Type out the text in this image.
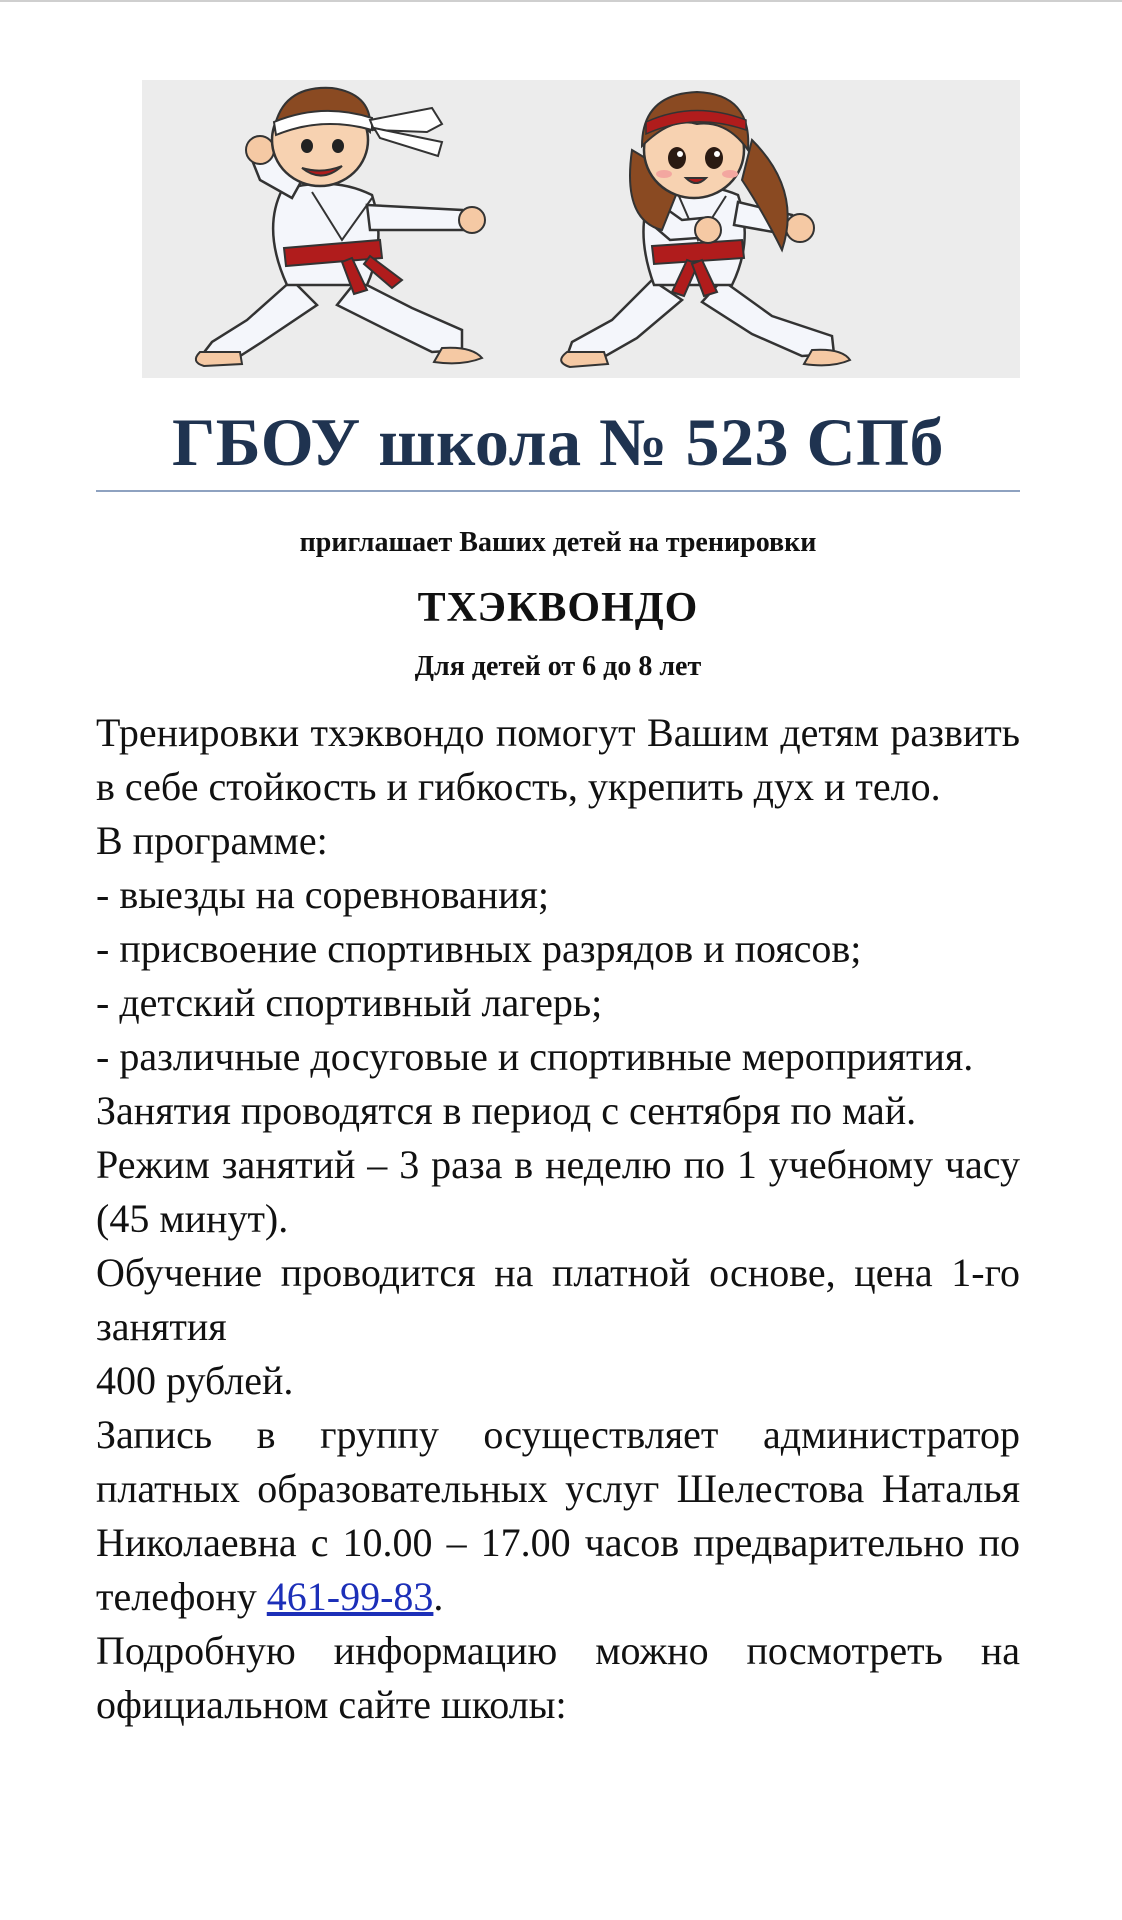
ГБОУ школа № 523 СПб
приглашает Ваших детей на тренировки
ТХЭКВОНДО
Для детей от 6 до 8 лет

Тренировки тхэквондо помогут Вашим детям развить в себе стойкость и гибкость, укрепить дух и тело.

В программе:

- выезды на соревнования;

- присвоение спортивных разрядов и поясов;

- детский спортивный лагерь;

- различные досуговые и спортивные мероприятия.

Занятия проводятся в период с сентября по май.

Режим занятий – 3 раза в неделю по 1 учебному часу (45 минут).

Обучение проводится на платной основе, цена 1-го занятия

400 рублей.

Запись в группу осуществляет администратор платных образовательных услуг Шелестова Наталья Николаевна с 10.00 – 17.00 часов предварительно по телефону 461-99-83.

Подробную информацию можно посмотреть на официальном сайте школы:
